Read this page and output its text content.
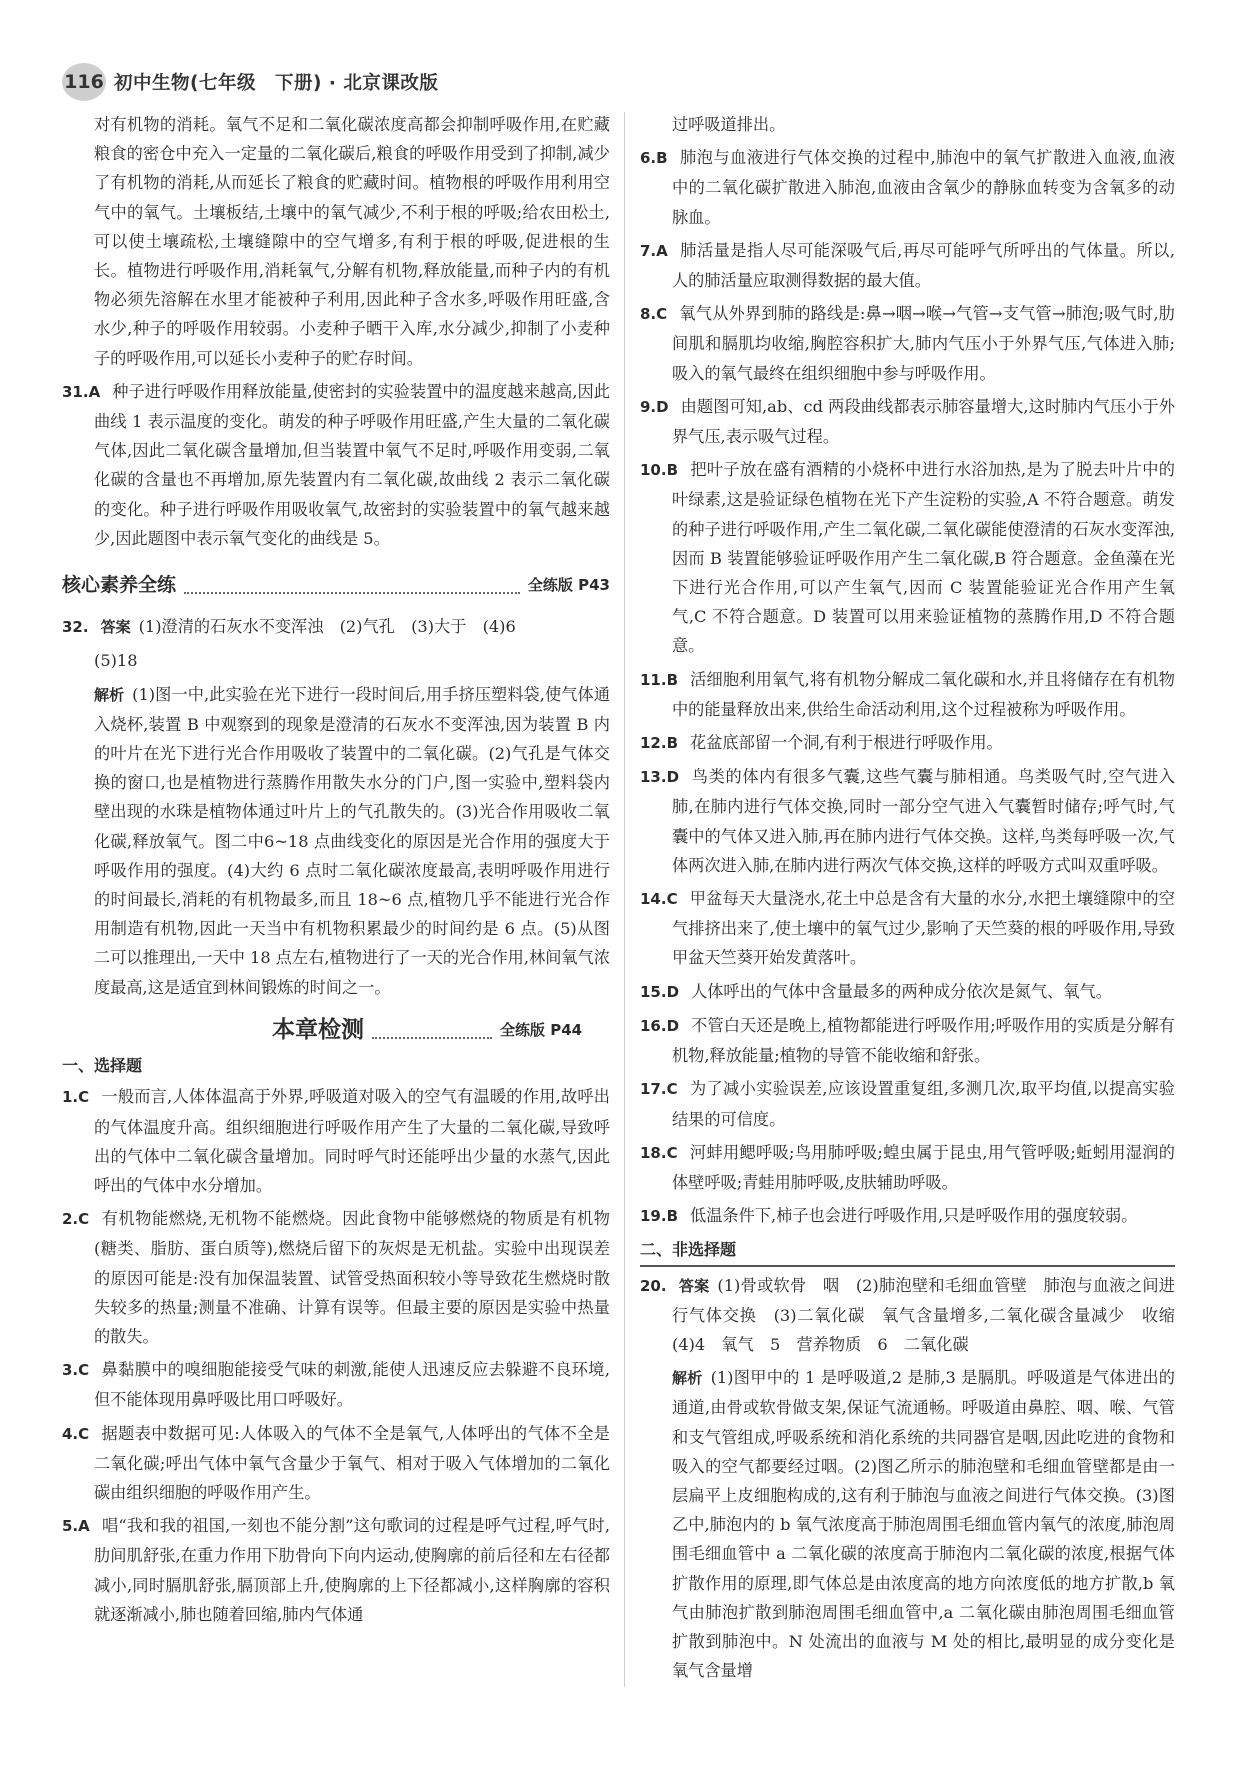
116 初中生物(七年级　下册) · 北京课改版

对有机物的消耗。氧气不足和二氧化碳浓度高都会抑制呼吸作用,在贮藏粮食的密仓中充入一定量的二氧化碳后,粮食的呼吸作用受到了抑制,减少了有机物的消耗,从而延长了粮食的贮藏时间。植物根的呼吸作用利用空气中的氧气。土壤板结,土壤中的氧气减少,不利于根的呼吸;给农田松土,可以使土壤疏松,土壤缝隙中的空气增多,有利于根的呼吸,促进根的生长。植物进行呼吸作用,消耗氧气,分解有机物,释放能量,而种子内的有机物必须先溶解在水里才能被种子利用,因此种子含水多,呼吸作用旺盛,含水少,种子的呼吸作用较弱。小麦种子晒干入库,水分减少,抑制了小麦种子的呼吸作用,可以延长小麦种子的贮存时间。

31.A 种子进行呼吸作用释放能量,使密封的实验装置中的温度越来越高,因此曲线 1 表示温度的变化。萌发的种子呼吸作用旺盛,产生大量的二氧化碳气体,因此二氧化碳含量增加,但当装置中氧气不足时,呼吸作用变弱,二氧化碳的含量也不再增加,原先装置内有二氧化碳,故曲线 2 表示二氧化碳的变化。种子进行呼吸作用吸收氧气,故密封的实验装置中的氧气越来越少,因此题图中表示氧气变化的曲线是 5。

核心素养全练	全练版 P43

32. 答案 (1)澄清的石灰水不变浑浊　(2)气孔　(3)大于　(4)6

(5)18

解析 (1)图一中,此实验在光下进行一段时间后,用手挤压塑料袋,使气体通入烧杯,装置 B 中观察到的现象是澄清的石灰水不变浑浊,因为装置 B 内的叶片在光下进行光合作用吸收了装置中的二氧化碳。(2)气孔是气体交换的窗口,也是植物进行蒸腾作用散失水分的门户,图一实验中,塑料袋内壁出现的水珠是植物体通过叶片上的气孔散失的。(3)光合作用吸收二氧化碳,释放氧气。图二中6~18 点曲线变化的原因是光合作用的强度大于呼吸作用的强度。(4)大约 6 点时二氧化碳浓度最高,表明呼吸作用进行的时间最长,消耗的有机物最多,而且 18~6 点,植物几乎不能进行光合作用制造有机物,因此一天当中有机物积累最少的时间约是 6 点。(5)从图二可以推理出,一天中 18 点左右,植物进行了一天的光合作用,林间氧气浓度最高,这是适宜到林间锻炼的时间之一。

本章检测	全练版 P44
一、选择题

1.C 一般而言,人体体温高于外界,呼吸道对吸入的空气有温暖的作用,故呼出的气体温度升高。组织细胞进行呼吸作用产生了大量的二氧化碳,导致呼出的气体中二氧化碳含量增加。同时呼气时还能呼出少量的水蒸气,因此呼出的气体中水分增加。

2.C 有机物能燃烧,无机物不能燃烧。因此食物中能够燃烧的物质是有机物(糖类、脂肪、蛋白质等),燃烧后留下的灰烬是无机盐。实验中出现误差的原因可能是:没有加保温装置、试管受热面积较小等导致花生燃烧时散失较多的热量;测量不准确、计算有误等。但最主要的原因是实验中热量的散失。

3.C 鼻黏膜中的嗅细胞能接受气味的刺激,能使人迅速反应去躲避不良环境,但不能体现用鼻呼吸比用口呼吸好。

4.C 据题表中数据可见:人体吸入的气体不全是氧气,人体呼出的气体不全是二氧化碳;呼出气体中氧气含量少于氧气、相对于吸入气体增加的二氧化碳由组织细胞的呼吸作用产生。

5.A 唱“我和我的祖国,一刻也不能分割”这句歌词的过程是呼气过程,呼气时,肋间肌舒张,在重力作用下肋骨向下向内运动,使胸廓的前后径和左右径都减小,同时膈肌舒张,膈顶部上升,使胸廓的上下径都减小,这样胸廓的容积就逐渐减小,肺也随着回缩,肺内气体通

过呼吸道排出。

6.B 肺泡与血液进行气体交换的过程中,肺泡中的氧气扩散进入血液,血液中的二氧化碳扩散进入肺泡,血液由含氧少的静脉血转变为含氧多的动脉血。

7.A 肺活量是指人尽可能深吸气后,再尽可能呼气所呼出的气体量。所以,人的肺活量应取测得数据的最大值。

8.C 氧气从外界到肺的路线是:鼻→咽→喉→气管→支气管→肺泡;吸气时,肋间肌和膈肌均收缩,胸腔容积扩大,肺内气压小于外界气压,气体进入肺;吸入的氧气最终在组织细胞中参与呼吸作用。

9.D 由题图可知,ab、cd 两段曲线都表示肺容量增大,这时肺内气压小于外界气压,表示吸气过程。

10.B 把叶子放在盛有酒精的小烧杯中进行水浴加热,是为了脱去叶片中的叶绿素,这是验证绿色植物在光下产生淀粉的实验,A 不符合题意。萌发的种子进行呼吸作用,产生二氧化碳,二氧化碳能使澄清的石灰水变浑浊,因而 B 装置能够验证呼吸作用产生二氧化碳,B 符合题意。金鱼藻在光下进行光合作用,可以产生氧气,因而 C 装置能验证光合作用产生氧气,C 不符合题意。D 装置可以用来验证植物的蒸腾作用,D 不符合题意。

11.B 活细胞利用氧气,将有机物分解成二氧化碳和水,并且将储存在有机物中的能量释放出来,供给生命活动利用,这个过程被称为呼吸作用。

12.B 花盆底部留一个洞,有利于根进行呼吸作用。

13.D 鸟类的体内有很多气囊,这些气囊与肺相通。鸟类吸气时,空气进入肺,在肺内进行气体交换,同时一部分空气进入气囊暂时储存;呼气时,气囊中的气体又进入肺,再在肺内进行气体交换。这样,鸟类每呼吸一次,气体两次进入肺,在肺内进行两次气体交换,这样的呼吸方式叫双重呼吸。

14.C 甲盆每天大量浇水,花土中总是含有大量的水分,水把土壤缝隙中的空气排挤出来了,使土壤中的氧气过少,影响了天竺葵的根的呼吸作用,导致甲盆天竺葵开始发黄落叶。

15.D 人体呼出的气体中含量最多的两种成分依次是氮气、氧气。

16.D 不管白天还是晚上,植物都能进行呼吸作用;呼吸作用的实质是分解有机物,释放能量;植物的导管不能收缩和舒张。

17.C 为了减小实验误差,应该设置重复组,多测几次,取平均值,以提高实验结果的可信度。

18.C 河蚌用鳃呼吸;鸟用肺呼吸;蝗虫属于昆虫,用气管呼吸;蚯蚓用湿润的体壁呼吸;青蛙用肺呼吸,皮肤辅助呼吸。

19.B 低温条件下,柿子也会进行呼吸作用,只是呼吸作用的强度较弱。

二、非选择题

20. 答案 (1)骨或软骨　咽　(2)肺泡壁和毛细血管壁　肺泡与血液之间进行气体交换　(3)二氧化碳　氧气含量增多,二氧化碳含量减少　收缩　(4)4　氧气　5　营养物质　6　二氧化碳

解析 (1)图甲中的 1 是呼吸道,2 是肺,3 是膈肌。呼吸道是气体进出的通道,由骨或软骨做支架,保证气流通畅。呼吸道由鼻腔、咽、喉、气管和支气管组成,呼吸系统和消化系统的共同器官是咽,因此吃进的食物和吸入的空气都要经过咽。(2)图乙所示的肺泡壁和毛细血管壁都是由一层扁平上皮细胞构成的,这有利于肺泡与血液之间进行气体交换。(3)图乙中,肺泡内的 b 氧气浓度高于肺泡周围毛细血管内氧气的浓度,肺泡周围毛细血管中 a 二氧化碳的浓度高于肺泡内二氧化碳的浓度,根据气体扩散作用的原理,即气体总是由浓度高的地方向浓度低的地方扩散,b 氧气由肺泡扩散到肺泡周围毛细血管中,a 二氧化碳由肺泡周围毛细血管扩散到肺泡中。N 处流出的血液与 M 处的相比,最明显的成分变化是氧气含量增
